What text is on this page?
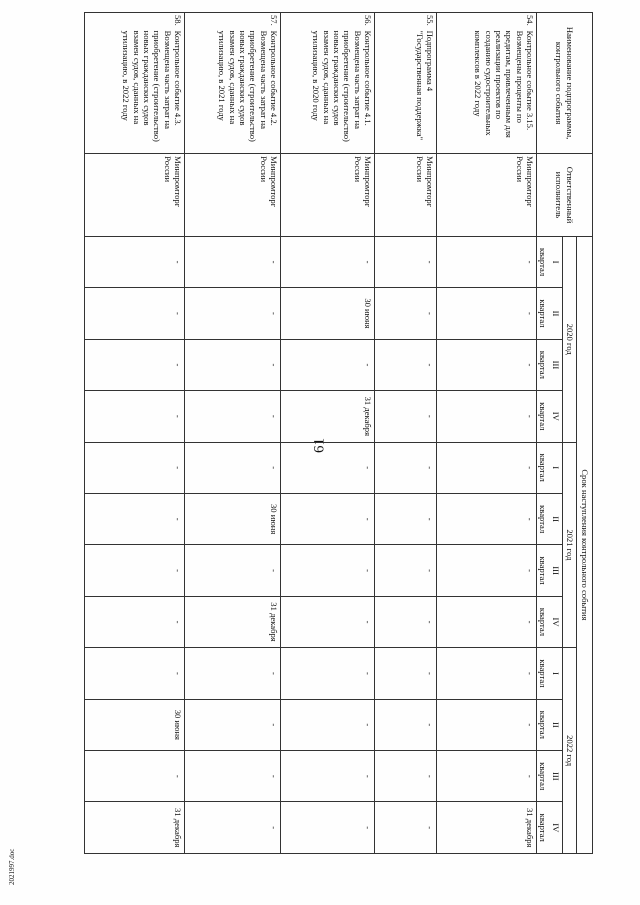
61
2021997.doc
Наименование подпрограммы, контрольного события		Ответственный исполнитель	Срок наступления контрольного события											
			2020 год				2021 год				2022 год			
			I	II	III	IV	I	II	III	IV	I	II	III	IV
			квартал	квартал	квартал	квартал	квартал	квартал	квартал	квартал	квартал	квартал	квартал	квартал
54.	Контрольное событие 3.15. Возмещены проценты по кредитам, привлеченным для реализации проектов по созданию судостроительных комплексов в 2022 году	Минпромторг России	-	-	-	-	-	-	-	-	-	-	-	31 декабря
55.	Подпрограмма 4 "Государственная поддержка"	Минпромторг России	-	-	-	-	-	-	-	-	-	-	-	-
56.	Контрольное событие 4.1. Возмещена часть затрат на приобретение (строительство) новых гражданских судов взамен судов, сданных на утилизацию, в 2020 году	Минпромторг России	-	30 июня	-	31 декабря	-	-	-	-	-	-	-	-
57.	Контрольное событие 4.2. Возмещена часть затрат на приобретение (строительство) новых гражданских судов взамен судов, сданных на утилизацию, в 2021 году	Минпромторг России	-	-	-	-	-	30 июня	-	31 декабря	-	-	-	-
58.	Контрольное событие 4.3. Возмещена часть затрат на приобретение (строительство) новых гражданских судов взамен судов, сданных на утилизацию, в 2022 году	Минпромторг России	-	-	-	-	-	-	-	-	-	30 июня	-	31 декабря
